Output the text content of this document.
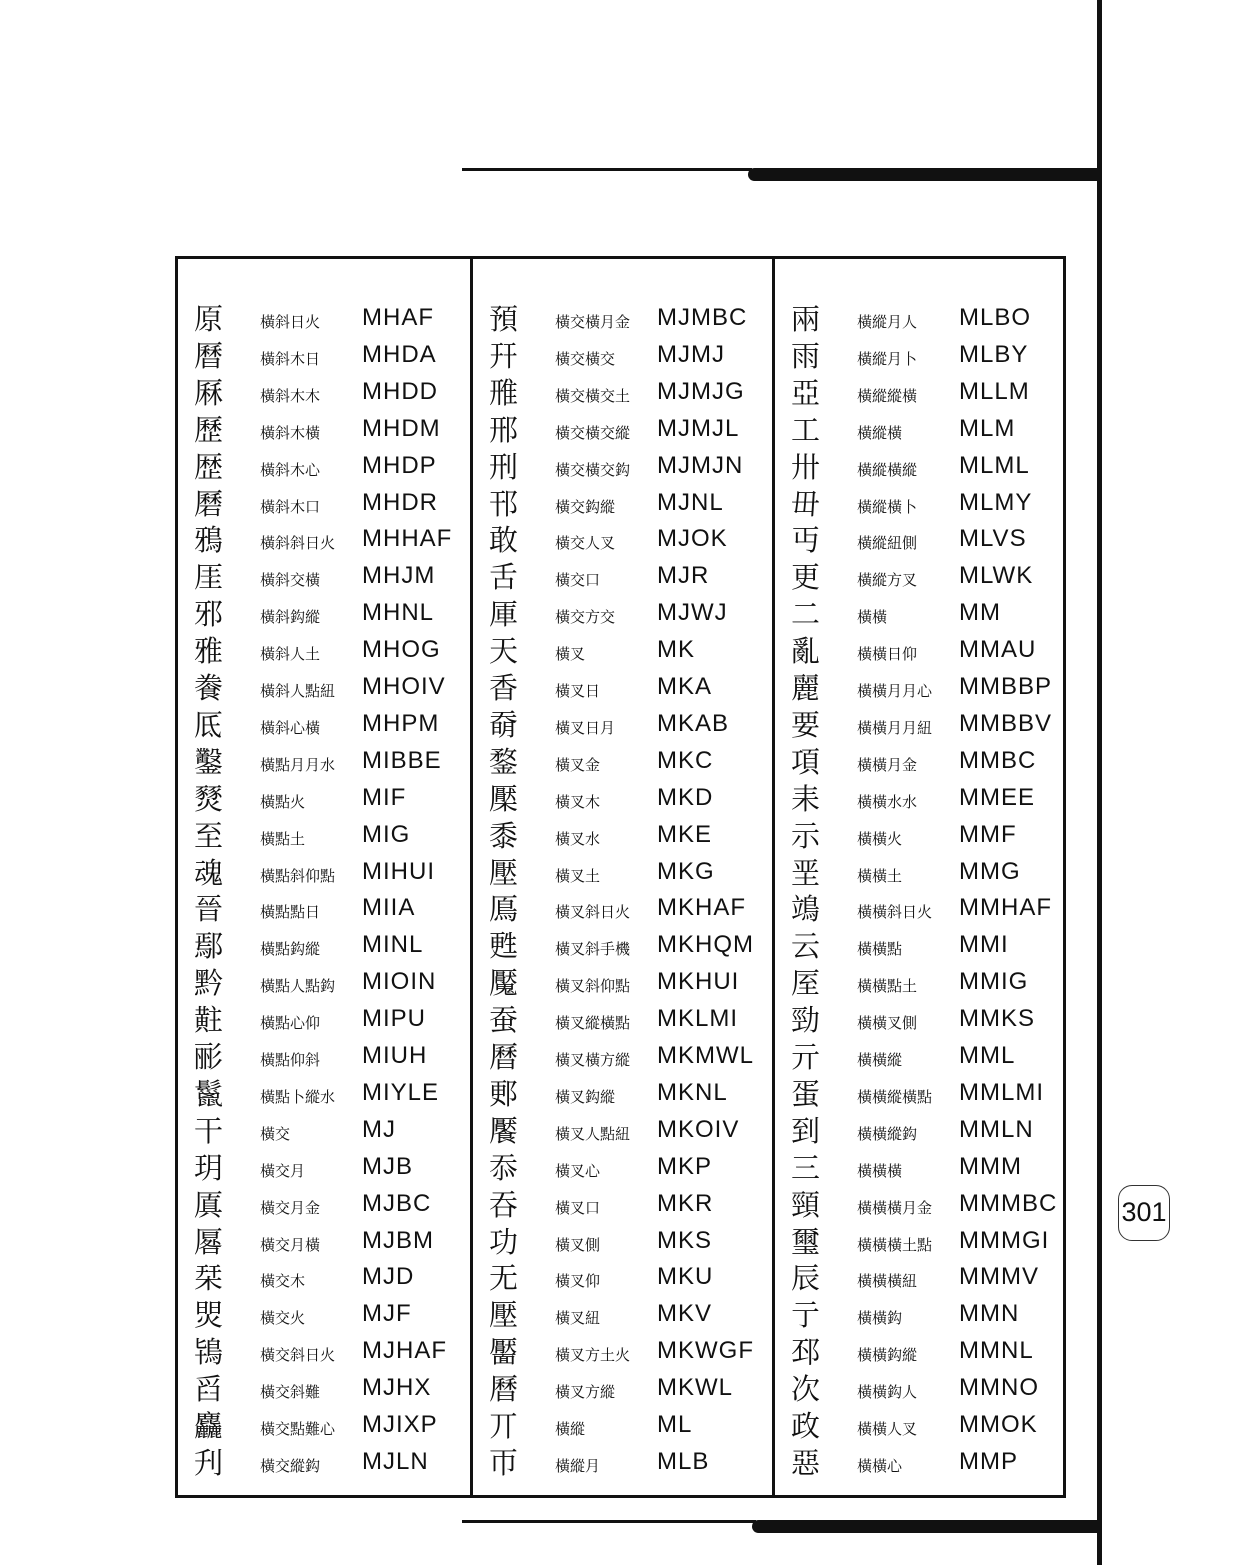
原 橫斜日火 MHAF
曆 橫斜木日 MHDA
厤 橫斜木木 MHDD
歷 橫斜木橫 MHDM
歴 橫斜木心 MHDP
磿 橫斜木口 MHDR
鴉 橫斜斜日火 MHHAF
厓 橫斜交橫 MHJM
邪 橫斜鈎縱 MHNL
雅 橫斜人土 MHOG
餋 橫斜人點紐 MHOIV
厎 橫斜心橫 MHPM
鑿 橫點月月水 MIBBE
燹 橫點火 MIF
至 橫點土 MIG
魂 橫點斜仰點 MIHUI
晉 橫點點日 MIIA
鄢 橫點鈎縱 MINL
黔 橫點人點鈎 MIOIN
黈 橫點心仰 MIPU
彨 橫點仰斜 MIUH
鬣 橫點卜縱水 MIYLE
干 橫交	MJ
玥 橫交月 MJB
厧 橫交月金 MJBC
厬 橫交月橫 MJBM
栞 橫交木 MJD
焸 橫交火 MJF
鴇 橫交斜日火 MJHAF
舀 橫交斜難 MJHX
麤 橫交點難心 MJIXP
刋 橫交縱鈎 MJLN
預 橫交橫月金 MJMBC
幵 橫交橫交 MJMJ
雃 橫交橫交土 MJMJG
邢 橫交橫交縱 MJMJL
刑 橫交橫交鈎 MJMJN
邗 橫交鈎縱 MJNL
敢 橫交人叉 MJOK
舌 橫交口 MJR
厙 橫交方交 MJWJ
天 橫叉	MK
香 橫叉日 MKA
奣 橫叉日月 MKAB
鍪 橫叉金 MKC
檿 橫叉木 MKD
黍 橫叉水 MKE
壓 橫叉土 MKG
鳫 橫叉斜日火 MKHAF
甦 橫叉斜手機 MKHQM
魘 橫叉斜仰點 MKHUI
蚕 橫叉縱橫點 MKLMI
曆 橫叉橫方縱 MKMWL
郠 橫叉鈎縱 MKNL
饜 橫叉人點紐 MKOIV
忝 橫叉心 MKP
吞 橫叉口 MKR
功 橫叉側 MKS
无 橫叉仰 MKU
壓 橫叉紐 MKV
靨 橫叉方土火 MKWGF
曆 橫叉方縱 MKWL
丌 橫縱	ML
帀 橫縱月 MLB
兩 橫縱月人 MLBO
雨 橫縱月卜 MLBY
亞 橫縱縱橫 MLLM
工 橫縱橫 MLM
卅 橫縱橫縱 MLML
毌 橫縱橫卜 MLMY
丏 橫縱紐側 MLVS
更 橫縱方叉 MLWK
二 橫橫	MM
亂 橫橫日仰 MMAU
麗 橫橫月月心 MMBBP
要 橫橫月月紐 MMBBV
項 橫橫月金 MMBC
耒 橫橫水水 MMEE
示 橫橫火 MMF
垩 橫橫土 MMG
鴗 橫橫斜日火 MMHAF
云 橫橫點 MMI
厔 橫橫點土 MMIG
勁 橫橫叉側 MMKS
亓 橫橫縱 MML
蛋 橫橫縱橫點 MMLMI
到 橫橫縱鈎 MMLN
三 橫橫橫 MMM
頸 橫橫橫月金 MMMBC
璽 橫橫橫土點 MMMGI
辰 橫橫橫紐 MMMV
亍 橫橫鈎 MMN
邳 橫橫鈎縱 MMNL
次 橫橫鈎人 MMNO
政 橫橫人叉 MMOK
惡 橫橫心 MMP
301
